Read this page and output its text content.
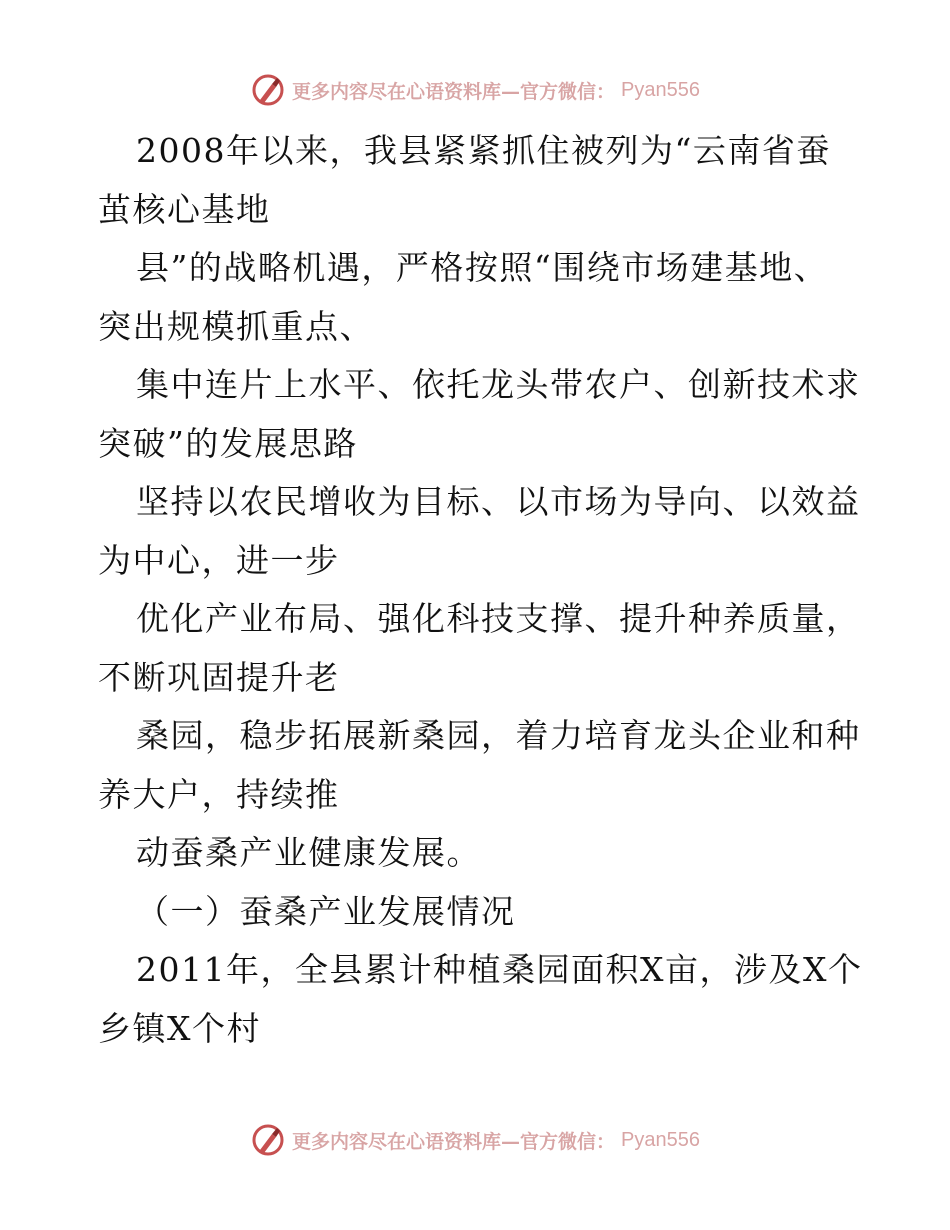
更多内容尽在心语资料库—官方微信： Pyan556
2008年以来，我县紧紧抓住被列为“云南省蚕
茧核心基地
县”的战略机遇，严格按照“围绕市场建基地、
突出规模抓重点、
集中连片上水平、依托龙头带农户、创新技术求
突破”的发展思路
坚持以农民增收为目标、以市场为导向、以效益
为中心，进一步
优化产业布局、强化科技支撑、提升种养质量，
不断巩固提升老
桑园，稳步拓展新桑园，着力培育龙头企业和种
养大户，持续推
动蚕桑产业健康发展。
（一）蚕桑产业发展情况
2011年，全县累计种植桑园面积X亩，涉及X个
乡镇X个村
更多内容尽在心语资料库—官方微信： Pyan556
